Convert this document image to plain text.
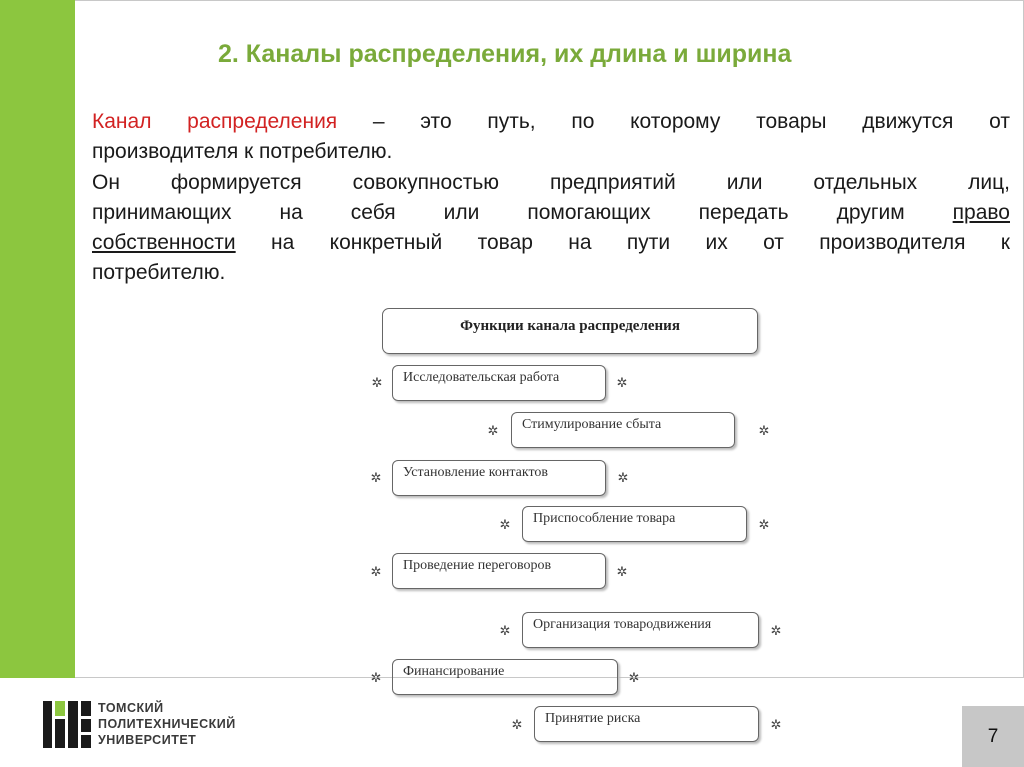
2. Каналы распределения, их длина и ширина
Канал распределения – это путь, по которому товары движутся от
производителя к потребителю.
Он формируется совокупностью предприятий или отдельных лиц,
принимающих на себя или помогающих передать другим право
собственности на конкретный товар на пути их от производителя к
потребителю.
Функции канала распределения
✲	Исследовательская работа	✲
✲	Стимулирование сбыта	✲
✲	Установление контактов	✲
✲	Приспособление товара	✲
✲	Проведение переговоров	✲
✲	Организация товародвижения	✲
✲	Финансирование	✲
✲	Принятие риска	✲
ТОМСКИЙ
ПОЛИТЕХНИЧЕСКИЙ
УНИВЕРСИТЕТ	7
